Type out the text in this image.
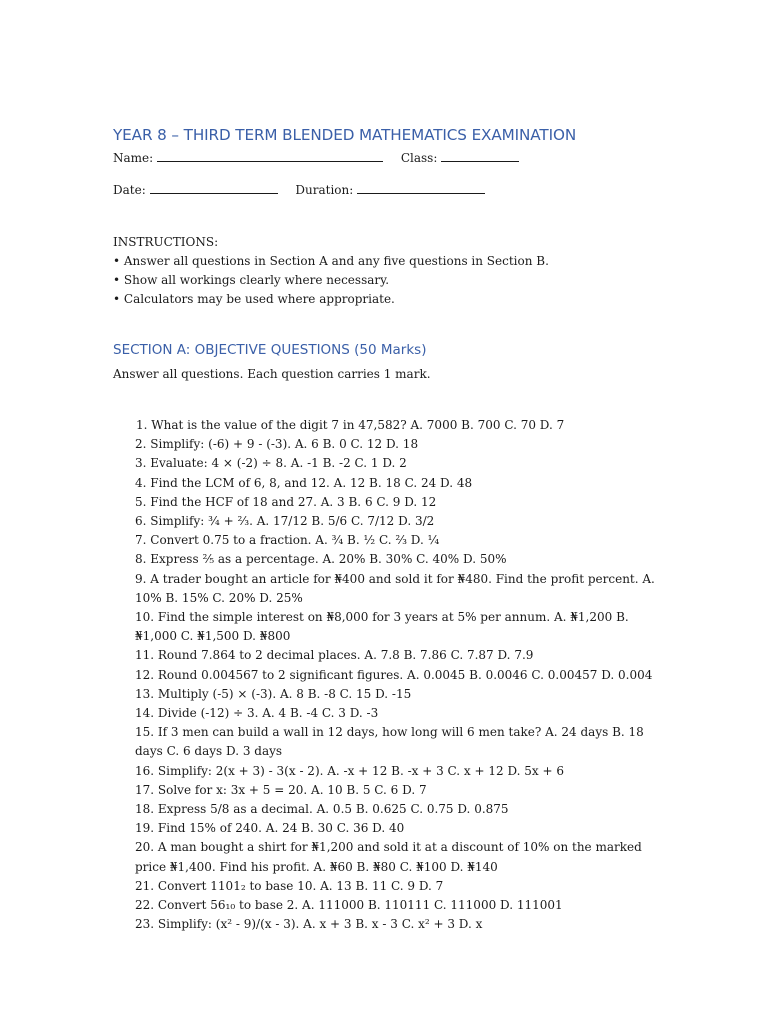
YEAR 8 – THIRD TERM BLENDED MATHEMATICS EXAMINATION
Name:	Class:
Date:	Duration:
INSTRUCTIONS:
• Answer all questions in Section A and any five questions in Section B.
• Show all workings clearly where necessary.
• Calculators may be used where appropriate.
SECTION A: OBJECTIVE QUESTIONS (50 Marks)
Answer all questions. Each question carries 1 mark.

1. What is the value of the digit 7 in 47,582? A. 7000 B. 700 C. 70 D. 7

2. Simplify: (-6) + 9 - (-3). A. 6 B. 0 C. 12 D. 18

3. Evaluate: 4 × (-2) ÷ 8. A. -1 B. -2 C. 1 D. 2

4. Find the LCM of 6, 8, and 12. A. 12 B. 18 C. 24 D. 48

5. Find the HCF of 18 and 27. A. 3 B. 6 C. 9 D. 12

6. Simplify: ¾ + ⅔. A. 17/12 B. 5/6 C. 7/12 D. 3/2

7. Convert 0.75 to a fraction. A. ¾ B. ½ C. ⅔ D. ¼

8. Express ⅖ as a percentage. A. 20% B. 30% C. 40% D. 50%

9. A trader bought an article for ₦400 and sold it for ₦480. Find the profit percent. A. 10% B. 15% C. 20% D. 25%

10. Find the simple interest on ₦8,000 for 3 years at 5% per annum. A. ₦1,200 B. ₦1,000 C. ₦1,500 D. ₦800

11. Round 7.864 to 2 decimal places. A. 7.8 B. 7.86 C. 7.87 D. 7.9

12. Round 0.004567 to 2 significant figures. A. 0.0045 B. 0.0046 C. 0.00457 D. 0.004

13. Multiply (-5) × (-3). A. 8 B. -8 C. 15 D. -15

14. Divide (-12) ÷ 3. A. 4 B. -4 C. 3 D. -3

15. If 3 men can build a wall in 12 days, how long will 6 men take? A. 24 days B. 18 days C. 6 days D. 3 days

16. Simplify: 2(x + 3) - 3(x - 2). A. -x + 12 B. -x + 3 C. x + 12 D. 5x + 6

17. Solve for x: 3x + 5 = 20. A. 10 B. 5 C. 6 D. 7

18. Express 5/8 as a decimal. A. 0.5 B. 0.625 C. 0.75 D. 0.875

19. Find 15% of 240. A. 24 B. 30 C. 36 D. 40

20. A man bought a shirt for ₦1,200 and sold it at a discount of 10% on the marked price ₦1,400. Find his profit. A. ₦60 B. ₦80 C. ₦100 D. ₦140

21. Convert 1101₂ to base 10. A. 13 B. 11 C. 9 D. 7

22. Convert 56₁₀ to base 2. A. 111000 B. 110111 C. 111000 D. 111001

23. Simplify: (x² - 9)/(x - 3). A. x + 3 B. x - 3 C. x² + 3 D. x
